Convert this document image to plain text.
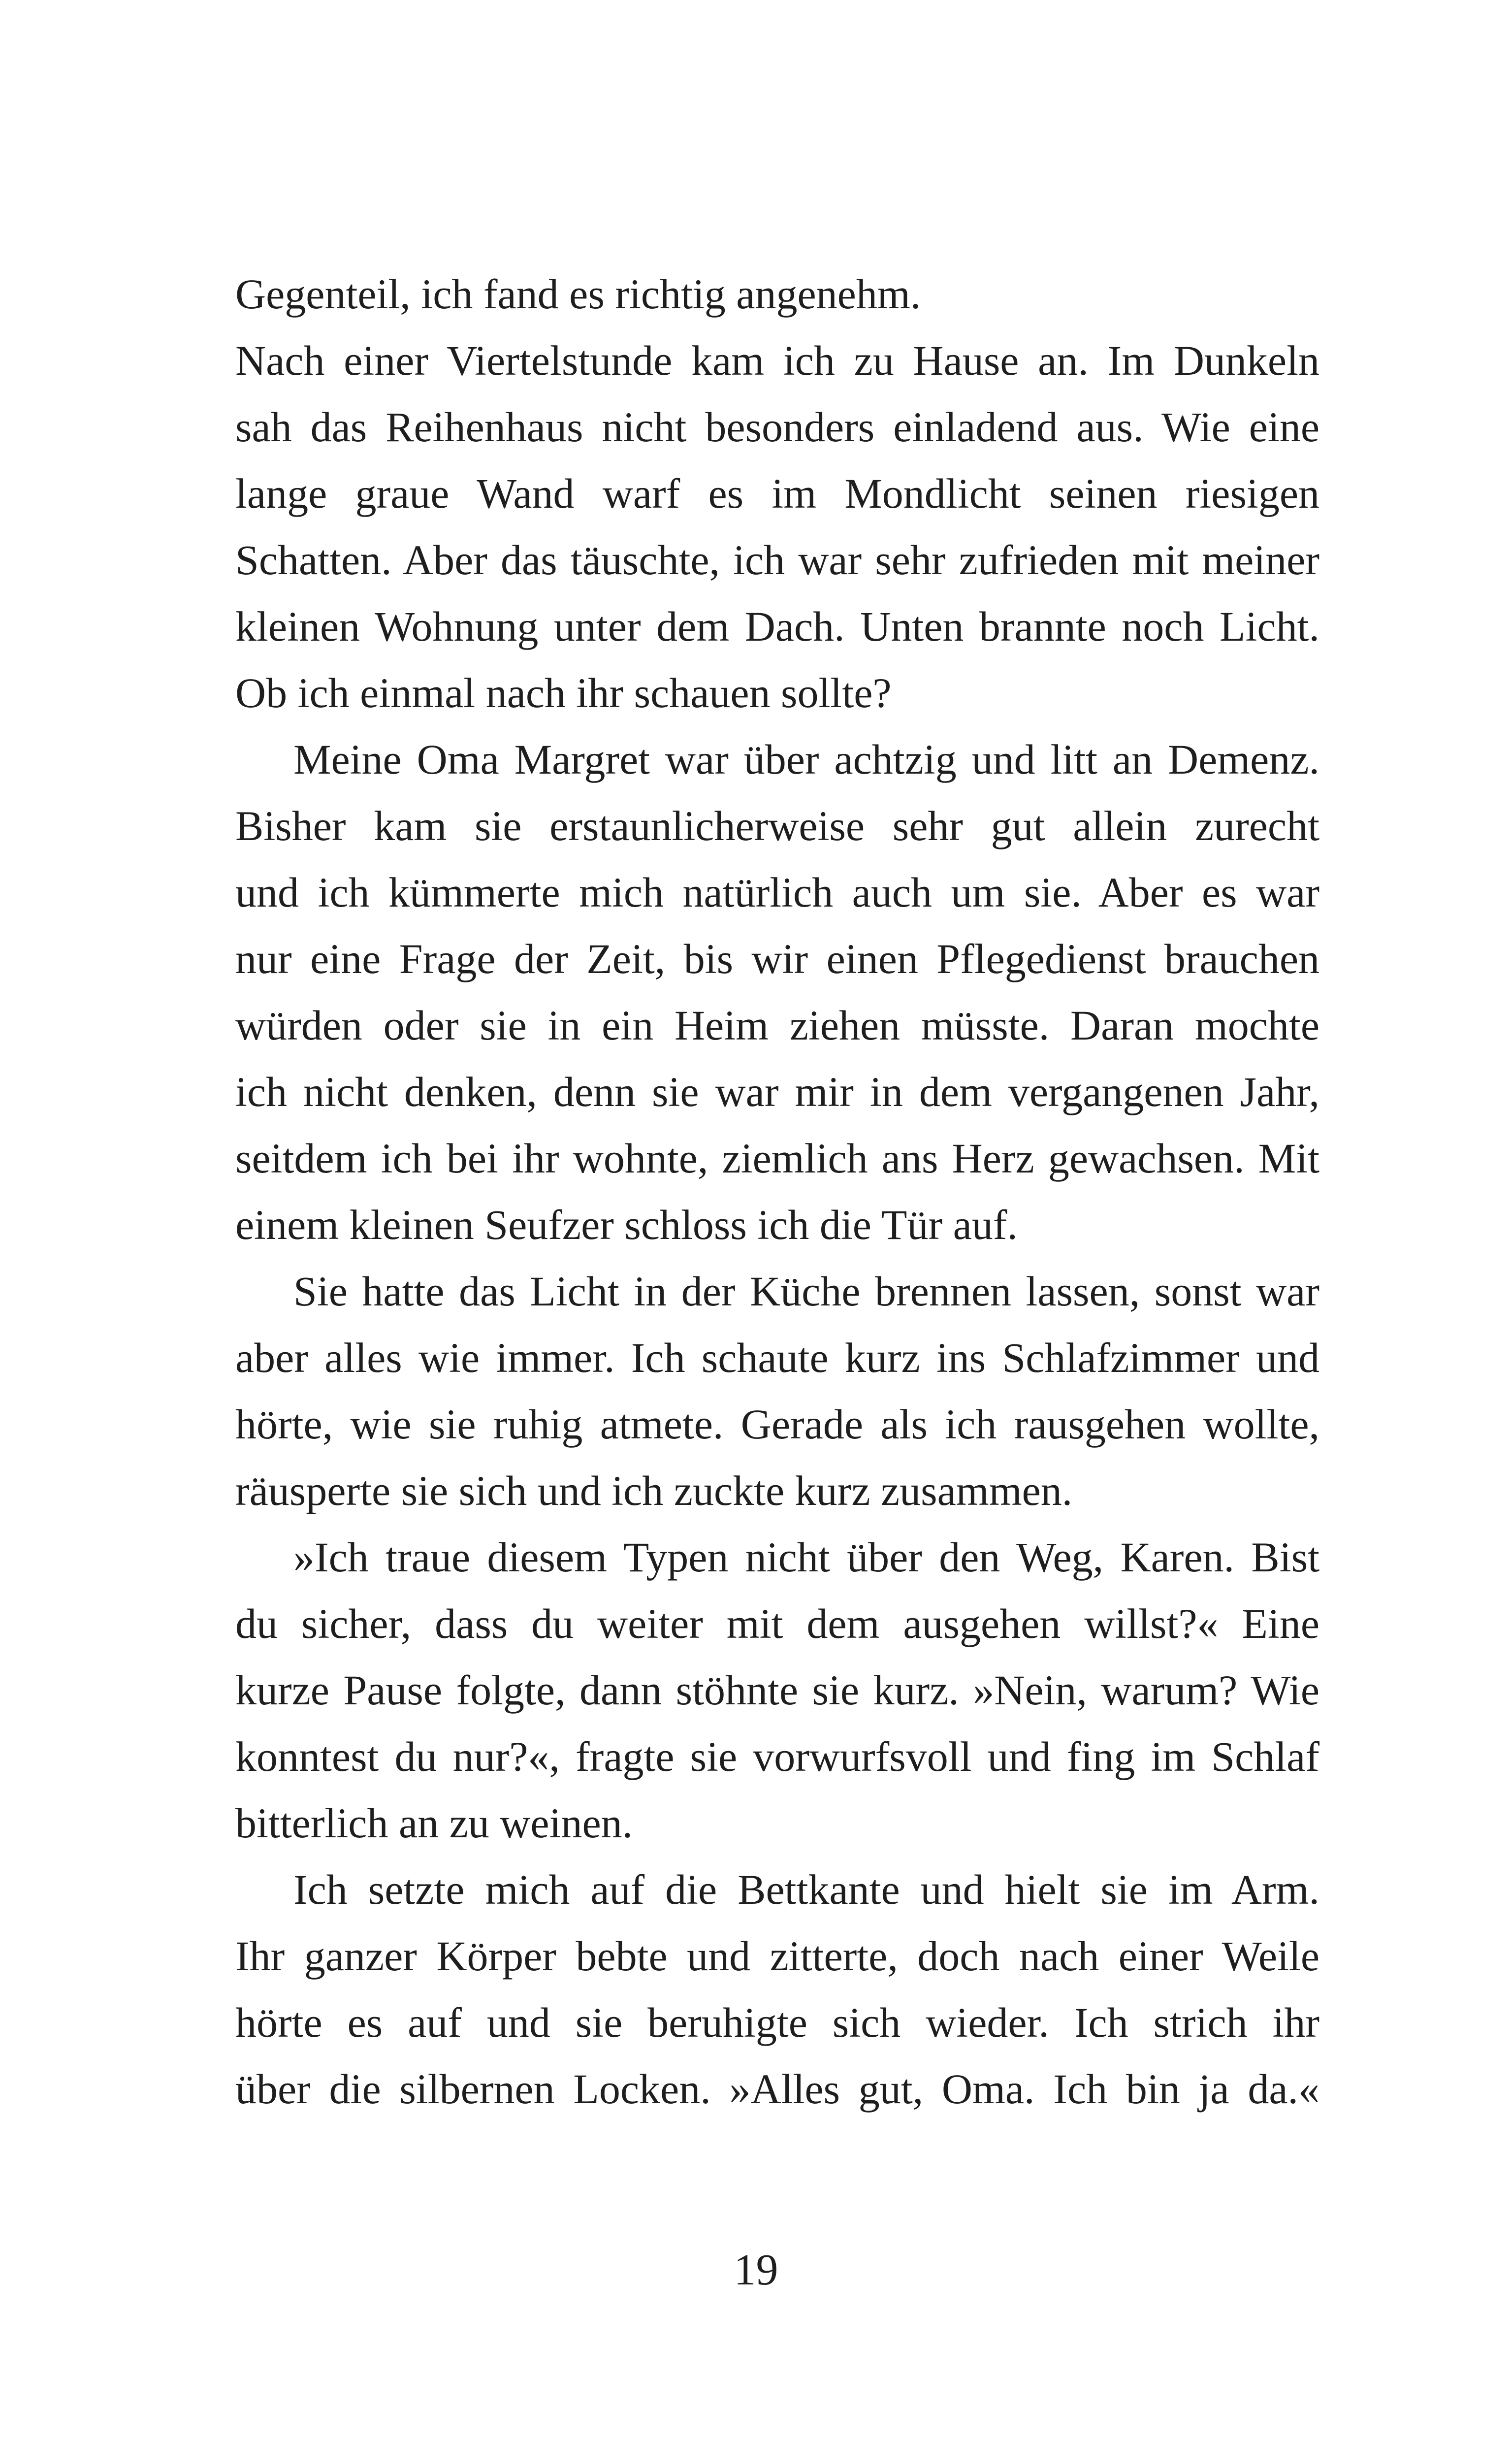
Gegenteil, ich fand es richtig angenehm.
Nach einer Viertelstunde kam ich zu Hause an. Im Dunkeln
sah das Reihenhaus nicht besonders einladend aus. Wie eine
lange graue Wand warf es im Mondlicht seinen riesigen
Schatten. Aber das täuschte, ich war sehr zufrieden mit meiner
kleinen Wohnung unter dem Dach. Unten brannte noch Licht.
Ob ich einmal nach ihr schauen sollte?
Meine Oma Margret war über achtzig und litt an Demenz.
Bisher kam sie erstaunlicherweise sehr gut allein zurecht
und ich kümmerte mich natürlich auch um sie. Aber es war
nur eine Frage der Zeit, bis wir einen Pflegedienst brauchen
würden oder sie in ein Heim ziehen müsste. Daran mochte
ich nicht denken, denn sie war mir in dem vergangenen Jahr,
seitdem ich bei ihr wohnte, ziemlich ans Herz gewachsen. Mit
einem kleinen Seufzer schloss ich die Tür auf.
Sie hatte das Licht in der Küche brennen lassen, sonst war
aber alles wie immer. Ich schaute kurz ins Schlafzimmer und
hörte, wie sie ruhig atmete. Gerade als ich rausgehen wollte,
räusperte sie sich und ich zuckte kurz zusammen.
»Ich traue diesem Typen nicht über den Weg, Karen. Bist
du sicher, dass du weiter mit dem ausgehen willst?« Eine
kurze Pause folgte, dann stöhnte sie kurz. »Nein, warum? Wie
konntest du nur?«, fragte sie vorwurfsvoll und fing im Schlaf
bitterlich an zu weinen.
Ich setzte mich auf die Bettkante und hielt sie im Arm.
Ihr ganzer Körper bebte und zitterte, doch nach einer Weile
hörte es auf und sie beruhigte sich wieder. Ich strich ihr
über die silbernen Locken. »Alles gut, Oma. Ich bin ja da.«
19
